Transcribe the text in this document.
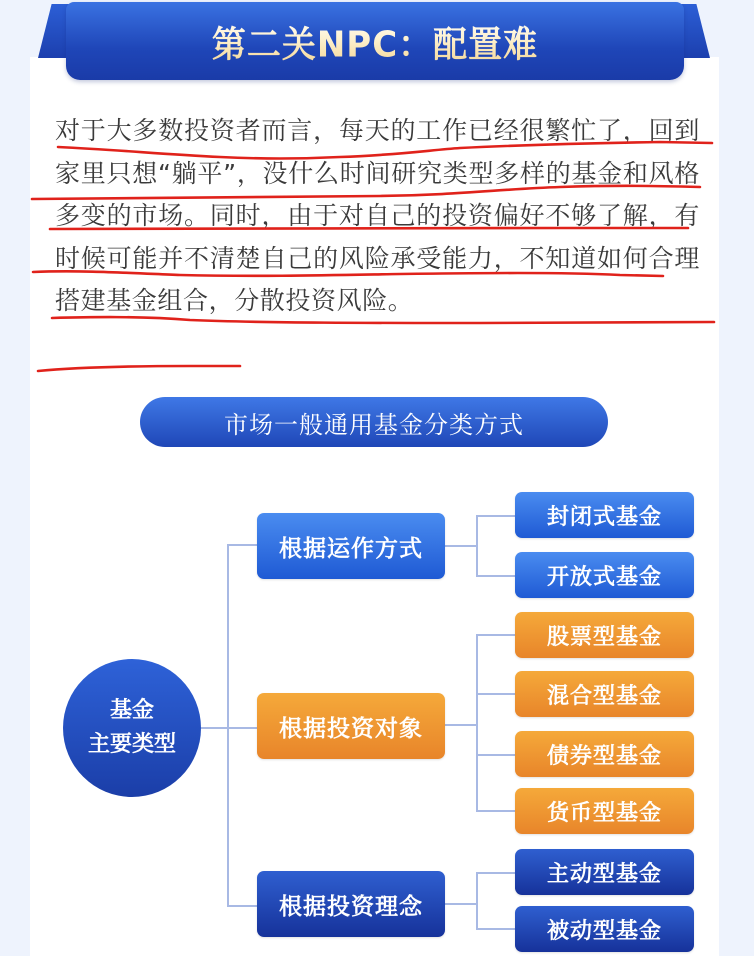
第二关NPC：配置难

对于大多数投资者而言，每天的工作已经很繁忙了，回到家里只想“躺平”，没什么时间研究类型多样的基金和风格多变的市场。同时，由于对自己的投资偏好不够了解，有时候可能并不清楚自己的风险承受能力，不知道如何合理搭建基金组合，分散投资风险。

市场一般通用基金分类方式
基金
主要类型
根据运作方式
根据投资对象
根据投资理念
封闭式基金
开放式基金
股票型基金
混合型基金
债券型基金
货币型基金
主动型基金
被动型基金
